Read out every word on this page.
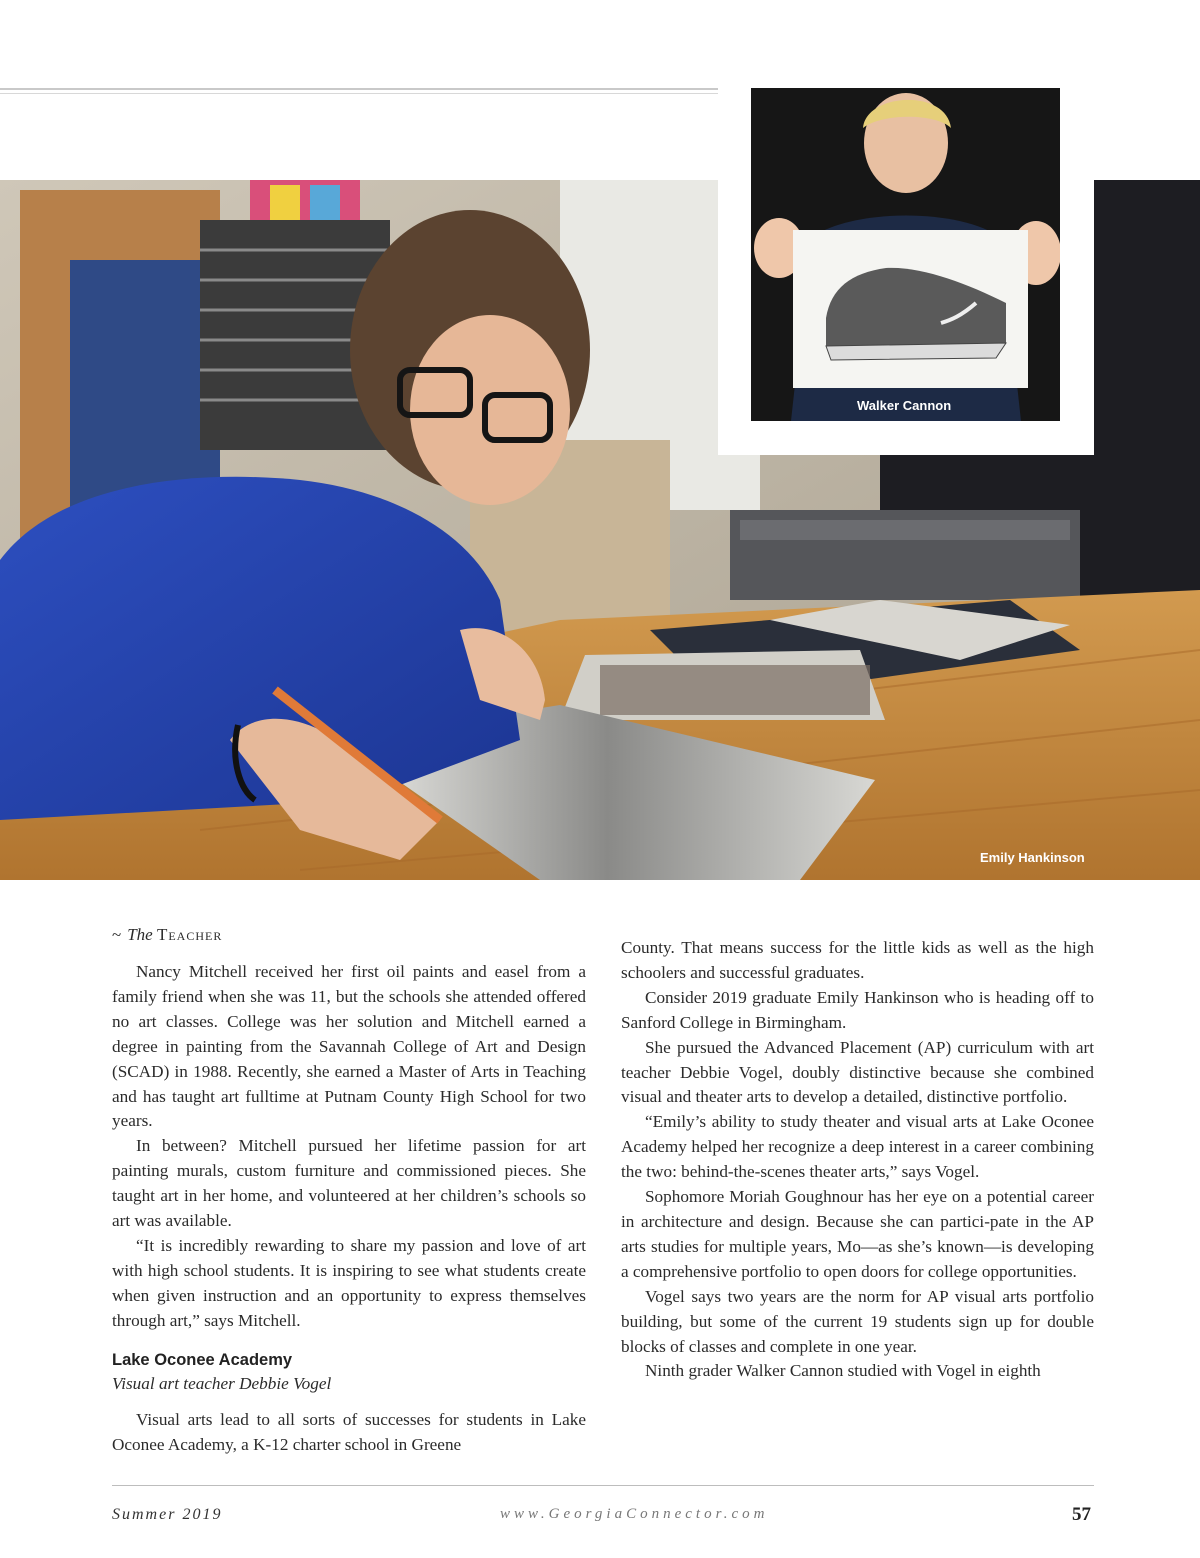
Emily Hankinson
Walker Cannon
~ The Teacher

Nancy Mitchell received her first oil paints and easel from a family friend when she was 11, but the schools she attended offered no art classes. College was her solution and Mitchell earned a degree in painting from the Savannah College of Art and Design (SCAD) in 1988. Recently, she earned a Master of Arts in Teaching and has taught art fulltime at Putnam County High School for two years.

In between? Mitchell pursued her lifetime passion for art painting murals, custom furniture and commissioned pieces. She taught art in her home, and volunteered at her children’s schools so art was available.

“It is incredibly rewarding to share my passion and love of art with high school students. It is inspiring to see what students create when given instruction and an opportunity to express themselves through art,” says Mitchell.

Lake Oconee Academy
Visual art teacher Debbie Vogel

Visual arts lead to all sorts of successes for students in Lake Oconee Academy, a K-12 charter school in Greene

County. That means success for the little kids as well as the high schoolers and successful graduates.

Consider 2019 graduate Emily Hankinson who is heading off to Sanford College in Birmingham.

She pursued the Advanced Placement (AP) curriculum with art teacher Debbie Vogel, doubly distinctive because she combined visual and theater arts to develop a detailed, distinctive portfolio.

“Emily’s ability to study theater and visual arts at Lake Oconee Academy helped her recognize a deep interest in a career combining the two: behind-the-scenes theater arts,” says Vogel.

Sophomore Moriah Goughnour has her eye on a potential career in architecture and design. Because she can partici-pate in the AP arts studies for multiple years, Mo—as she’s known—is developing a comprehensive portfolio to open doors for college opportunities.

Vogel says two years are the norm for AP visual arts portfolio building, but some of the current 19 students sign up for double blocks of classes and complete in one year.

Ninth grader Walker Cannon studied with Vogel in eighth

Summer 2019	www.GeorgiaConnector.com	57
